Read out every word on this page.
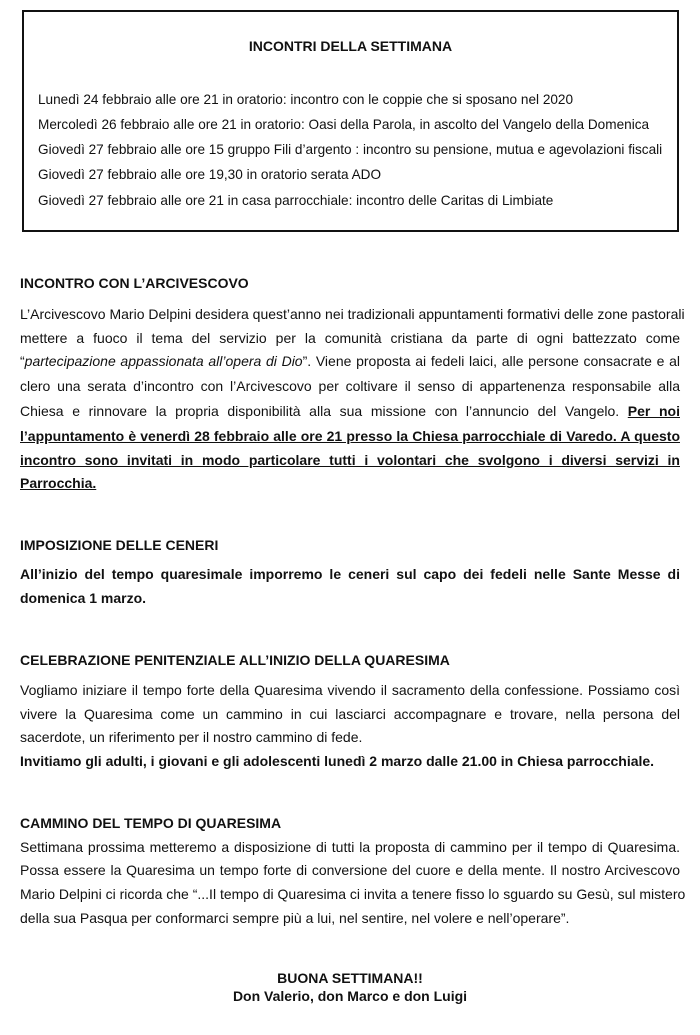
INCONTRI DELLA SETTIMANA
Lunedì 24 febbraio alle ore 21 in oratorio: incontro con le coppie che si sposano nel 2020
Mercoledì 26 febbraio alle ore 21 in oratorio: Oasi della Parola, in ascolto del Vangelo della Domenica
Giovedì 27 febbraio alle ore 15 gruppo Fili d’argento : incontro su pensione, mutua e agevolazioni fiscali
Giovedì 27 febbraio alle ore 19,30 in oratorio serata ADO
Giovedì 27 febbraio alle ore 21 in casa parrocchiale: incontro delle Caritas di Limbiate
INCONTRO CON L’ARCIVESCOVO
L’Arcivescovo Mario Delpini desidera quest’anno nei tradizionali appuntamenti formativi delle zone pastorali
mettere a fuoco il tema del servizio per la comunità cristiana da parte di ogni battezzato come
“partecipazione appassionata all’opera di Dio”. Viene proposta ai fedeli laici, alle persone consacrate e al
clero una serata d’incontro con l’Arcivescovo per coltivare il senso di appartenenza responsabile alla
Chiesa e rinnovare la propria disponibilità alla sua missione con l’annuncio del Vangelo. Per noi
l’appuntamento è venerdì 28 febbraio alle ore 21 presso la Chiesa parrocchiale di Varedo. A questo
incontro sono invitati in modo particolare tutti i volontari che svolgono i diversi servizi in
Parrocchia.
IMPOSIZIONE DELLE CENERI
All’inizio del tempo quaresimale imporremo le ceneri sul capo dei fedeli nelle Sante Messe di
domenica 1 marzo.
CELEBRAZIONE PENITENZIALE ALL’INIZIO DELLA QUARESIMA
Vogliamo iniziare il tempo forte della Quaresima vivendo il sacramento della confessione. Possiamo così
vivere la Quaresima come un cammino in cui lasciarci accompagnare e trovare, nella persona del
sacerdote, un riferimento per il nostro cammino di fede.
Invitiamo gli adulti, i giovani e gli adolescenti lunedì 2 marzo dalle 21.00 in Chiesa parrocchiale.
CAMMINO DEL TEMPO DI QUARESIMA
Settimana prossima metteremo a disposizione di tutti la proposta di cammino per il tempo di Quaresima.
Possa essere la Quaresima un tempo forte di conversione del cuore e della mente. Il nostro Arcivescovo
Mario Delpini ci ricorda che “...Il tempo di Quaresima ci invita a tenere fisso lo sguardo su Gesù, sul mistero
della sua Pasqua per conformarci sempre più a lui, nel sentire, nel volere e nell’operare”.
BUONA SETTIMANA!!
Don Valerio, don Marco e don Luigi
